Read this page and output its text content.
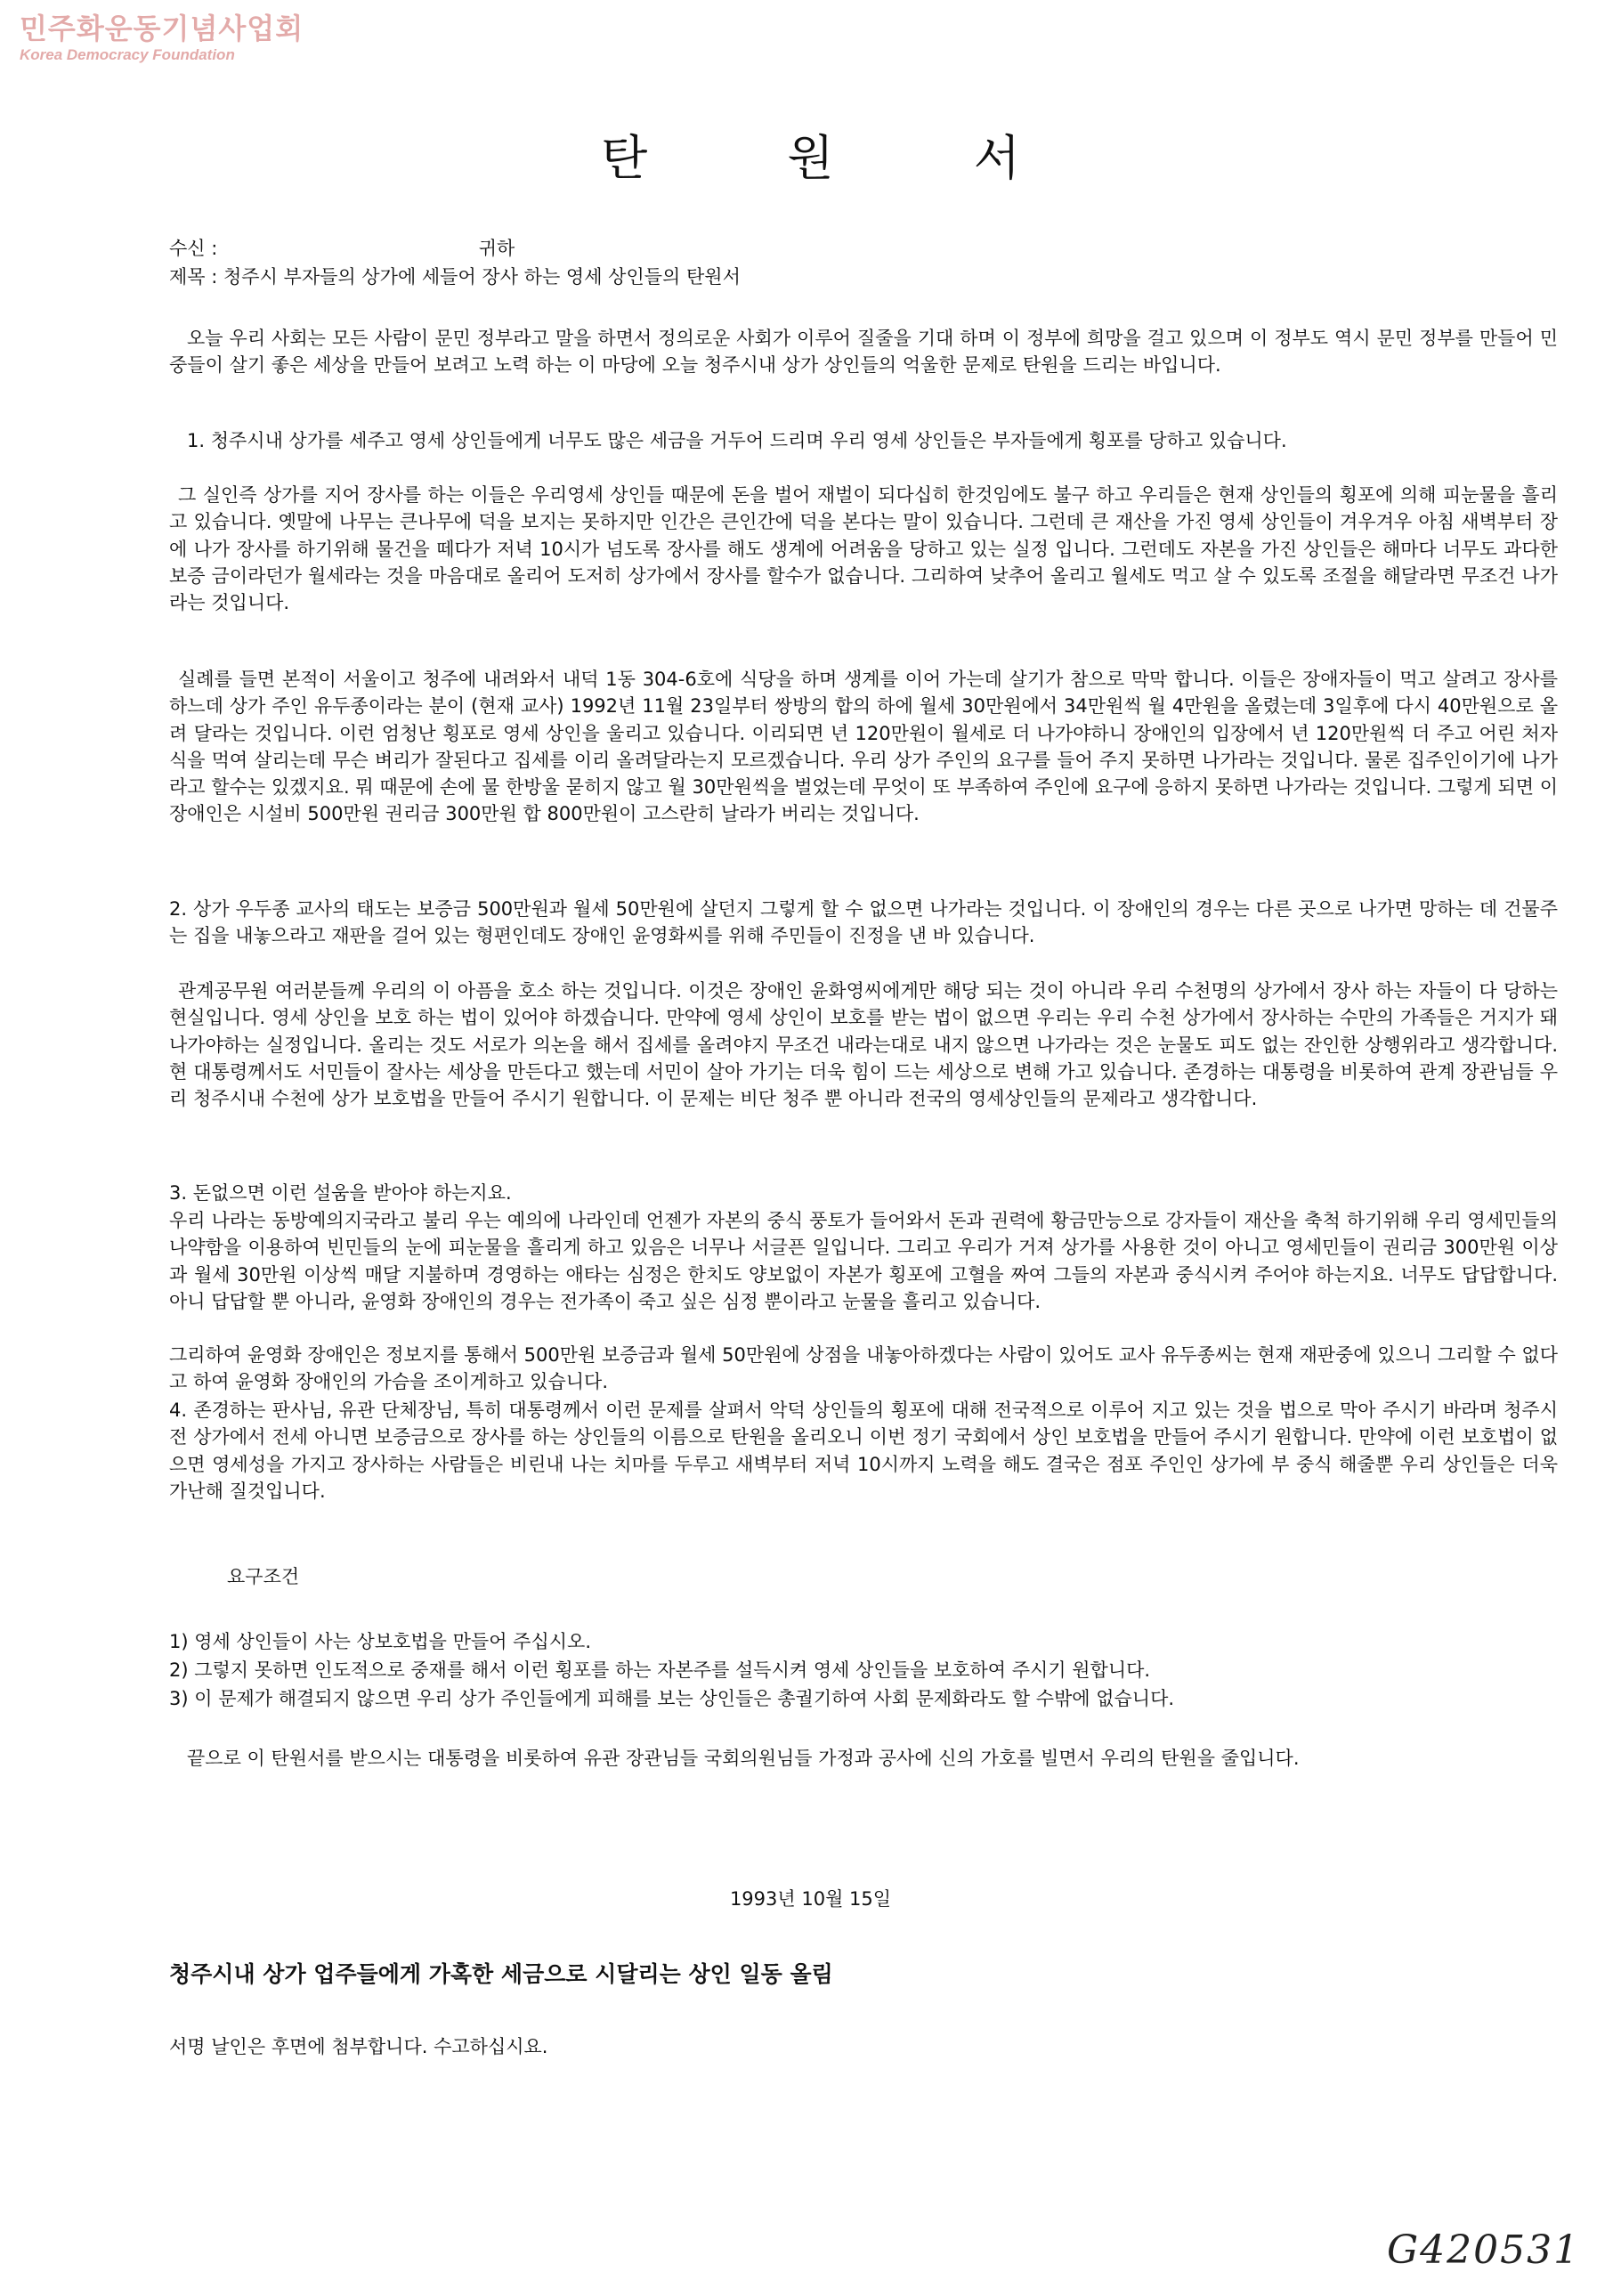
민주화운동기념사업회
Korea Democracy Foundation
탄 원 서
수신 :	귀하
제목 : 청주시 부자들의 상가에 세들어 장사 하는 영세 상인들의 탄원서

오늘 우리 사회는 모든 사람이 문민 정부라고 말을 하면서 정의로운 사회가 이루어 질줄을 기대 하며 이 정부에 희망을 걸고 있으며 이 정부도 역시 문민 정부를 만들어 민중들이 살기 좋은 세상을 만들어 보려고 노력 하는 이 마당에 오늘 청주시내 상가 상인들의 억울한 문제로 탄원을 드리는 바입니다.

1. 청주시내 상가를 세주고 영세 상인들에게 너무도 많은 세금을 거두어 드리며 우리 영세 상인들은 부자들에게 횡포를 당하고 있습니다.

그 실인즉 상가를 지어 장사를 하는 이들은 우리영세 상인들 때문에 돈을 벌어 재벌이 되다십히 한것임에도 불구 하고 우리들은 현재 상인들의 횡포에 의해 피눈물을 흘리고 있습니다. 옛말에 나무는 큰나무에 덕을 보지는 못하지만 인간은 큰인간에 덕을 본다는 말이 있습니다. 그런데 큰 재산을 가진 영세 상인들이 겨우겨우 아침 새벽부터 장에 나가 장사를 하기위해 물건을 떼다가 저녁 10시가 넘도록 장사를 해도 생계에 어려움을 당하고 있는 실정 입니다. 그런데도 자본을 가진 상인들은 해마다 너무도 과다한 보증 금이라던가 월세라는 것을 마음대로 올리어 도저히 상가에서 장사를 할수가 없습니다. 그리하여 낮추어 올리고 월세도 먹고 살 수 있도록 조절을 해달라면 무조건 나가라는 것입니다.

실례를 들면 본적이 서울이고 청주에 내려와서 내덕 1동 304-6호에 식당을 하며 생계를 이어 가는데 살기가 참으로 막막 합니다. 이들은 장애자들이 먹고 살려고 장사를 하느데 상가 주인 유두종이라는 분이 (현재 교사) 1992년 11월 23일부터 쌍방의 합의 하에 월세 30만원에서 34만원씩 월 4만원을 올렸는데 3일후에 다시 40만원으로 올려 달라는 것입니다. 이런 엄청난 횡포로 영세 상인을 울리고 있습니다. 이리되면 년 120만원이 월세로 더 나가야하니 장애인의 입장에서 년 120만원씩 더 주고 어린 처자식을 먹여 살리는데 무슨 벼리가 잘된다고 집세를 이리 올려달라는지 모르겠습니다. 우리 상가 주인의 요구를 들어 주지 못하면 나가라는 것입니다. 물론 집주인이기에 나가라고 할수는 있겠지요. 뭐 때문에 손에 물 한방울 묻히지 않고 월 30만원씩을 벌었는데 무엇이 또 부족하여 주인에 요구에 응하지 못하면 나가라는 것입니다. 그렇게 되면 이 장애인은 시설비 500만원 권리금 300만원 합 800만원이 고스란히 날라가 버리는 것입니다.

2. 상가 우두종 교사의 태도는 보증금 500만원과 월세 50만원에 살던지 그렇게 할 수 없으면 나가라는 것입니다. 이 장애인의 경우는 다른 곳으로 나가면 망하는 데 건물주는 집을 내놓으라고 재판을 걸어 있는 형편인데도 장애인 윤영화씨를 위해 주민들이 진정을 낸 바 있습니다.

관계공무원 여러분들께 우리의 이 아픔을 호소 하는 것입니다. 이것은 장애인 윤화영씨에게만 해당 되는 것이 아니라 우리 수천명의 상가에서 장사 하는 자들이 다 당하는 현실입니다. 영세 상인을 보호 하는 법이 있어야 하겠습니다. 만약에 영세 상인이 보호를 받는 법이 없으면 우리는 우리 수천 상가에서 장사하는 수만의 가족들은 거지가 돼 나가야하는 실정입니다. 올리는 것도 서로가 의논을 해서 집세를 올려야지 무조건 내라는대로 내지 않으면 나가라는 것은 눈물도 피도 없는 잔인한 상행위라고 생각합니다. 현 대통령께서도 서민들이 잘사는 세상을 만든다고 했는데 서민이 살아 가기는 더욱 힘이 드는 세상으로 변해 가고 있습니다. 존경하는 대통령을 비롯하여 관계 장관님들 우리 청주시내 수천에 상가 보호법을 만들어 주시기 원합니다. 이 문제는 비단 청주 뿐 아니라 전국의 영세상인들의 문제라고 생각합니다.

3. 돈없으면 이런 설움을 받아야 하는지요.

우리 나라는 동방예의지국라고 불리 우는 예의에 나라인데 언젠가 자본의 중식 풍토가 들어와서 돈과 권력에 황금만능으로 강자들이 재산을 축척 하기위해 우리 영세민들의 나약함을 이용하여 빈민들의 눈에 피눈물을 흘리게 하고 있음은 너무나 서글픈 일입니다. 그리고 우리가 거져 상가를 사용한 것이 아니고 영세민들이 권리금 300만원 이상과 월세 30만원 이상씩 매달 지불하며 경영하는 애타는 심정은 한치도 양보없이 자본가 횡포에 고혈을 짜여 그들의 자본과 중식시켜 주어야 하는지요. 너무도 답답합니다. 아니 답답할 뿐 아니라, 윤영화 장애인의 경우는 전가족이 죽고 싶은 심정 뿐이라고 눈물을 흘리고 있습니다.

그리하여 윤영화 장애인은 정보지를 통해서 500만원 보증금과 월세 50만원에 상점을 내놓아하겠다는 사람이 있어도 교사 유두종씨는 현재 재판중에 있으니 그리할 수 없다고 하여 윤영화 장애인의 가슴을 조이게하고 있습니다.

4. 존경하는 판사님, 유관 단체장님, 특히 대통령께서 이런 문제를 살펴서 악덕 상인들의 횡포에 대해 전국적으로 이루어 지고 있는 것을 법으로 막아 주시기 바라며 청주시 전 상가에서 전세 아니면 보증금으로 장사를 하는 상인들의 이름으로 탄원을 올리오니 이번 정기 국회에서 상인 보호법을 만들어 주시기 원합니다. 만약에 이런 보호법이 없으면 영세성을 가지고 장사하는 사람들은 비린내 나는 치마를 두루고 새벽부터 저녁 10시까지 노력을 해도 결국은 점포 주인인 상가에 부 중식 해줄뿐 우리 상인들은 더욱 가난해 질것입니다.

요구조건
1) 영세 상인들이 사는 상보호법을 만들어 주십시오.
2) 그렇지 못하면 인도적으로 중재를 해서 이런 횡포를 하는 자본주를 설득시켜 영세 상인들을 보호하여 주시기 원합니다.
3) 이 문제가 해결되지 않으면 우리 상가 주인들에게 피해를 보는 상인들은 총궐기하여 사회 문제화라도 할 수밖에 없습니다.

끝으로 이 탄원서를 받으시는 대통령을 비롯하여 유관 장관님들 국회의원님들 가정과 공사에 신의 가호를 빌면서 우리의 탄원을 줄입니다.

1993년 10월 15일
청주시내 상가 업주들에게 가혹한 세금으로 시달리는 상인 일동 올림
서명 날인은 후면에 첨부합니다. 수고하십시요.
G420531
